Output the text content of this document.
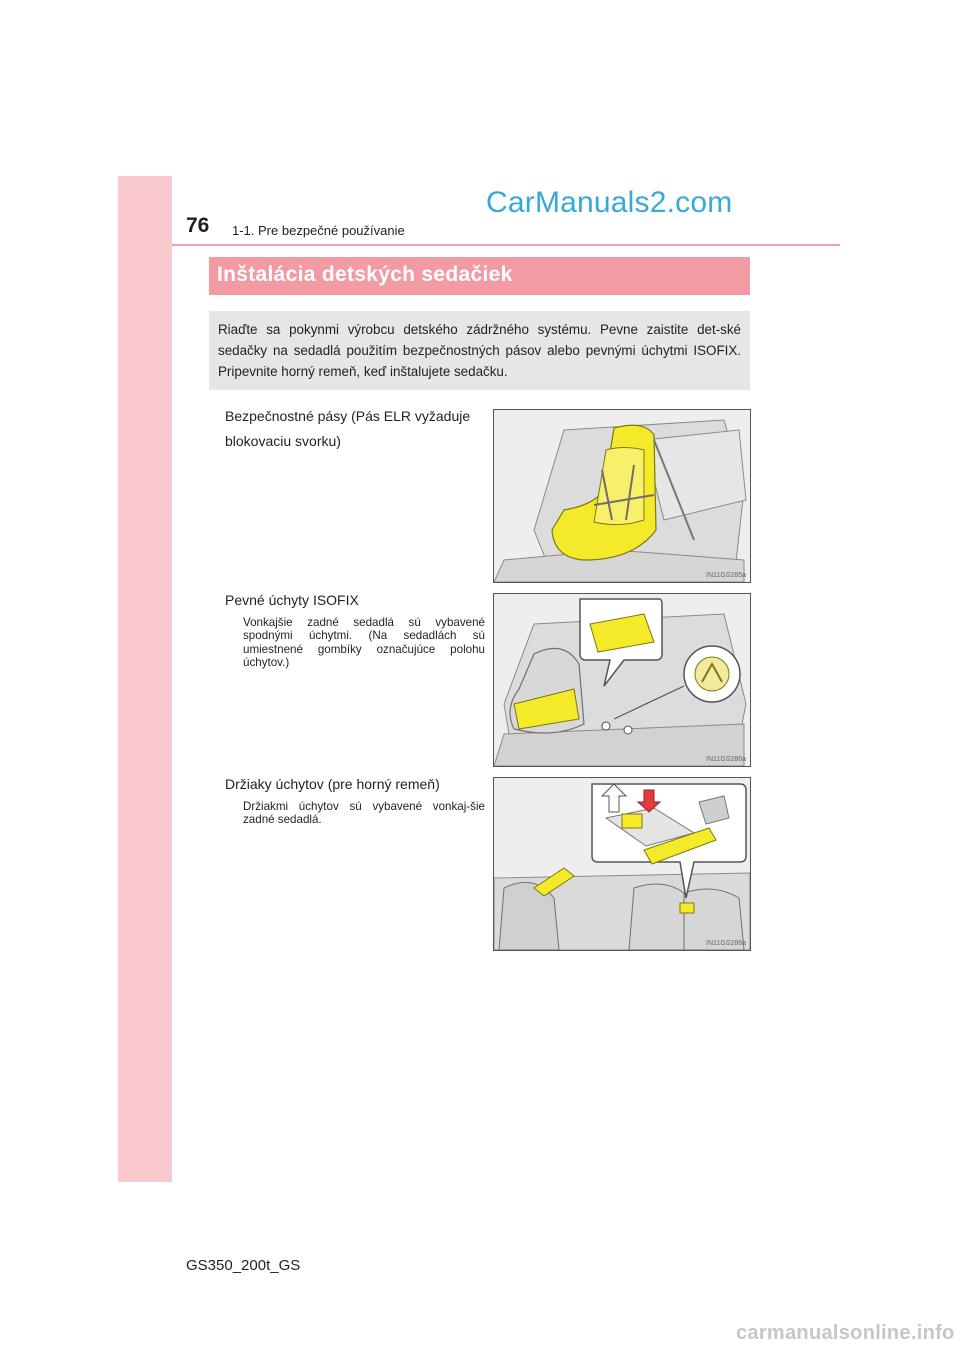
76 1-1. Pre bezpečné používanie
CarManuals2.com
Inštalácia detských sedačiek
Riaďte sa pokynmi výrobcu detského zádržného systému. Pevne zaistite det-ské sedačky na sedadlá použitím bezpečnostných pásov alebo pevnými úchytmi ISOFIX. Pripevnite horný remeň, keď inštalujete sedačku.
Bezpečnostné pásy (Pás ELR vyžaduje blokovaciu svorku)
IN11GS285a
Pevné úchyty ISOFIX
Vonkajšie zadné sedadlá sú vybavené spodnými úchytmi. (Na sedadlách sú umiestnené gombíky označujúce polohu úchytov.)
IN11GS286a
Držiaky úchytov (pre horný remeň)
Držiakmi úchytov sú vybavené vonkaj-šie zadné sedadlá.
IN11GS288a
GS350_200t_GS
carmanualsonline.info
